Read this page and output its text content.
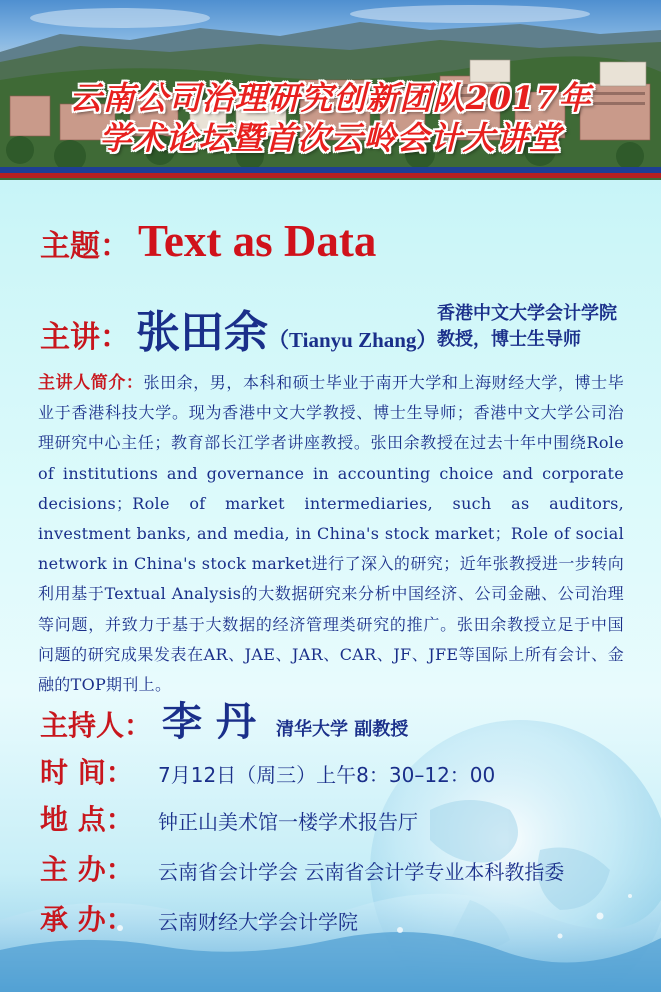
云南公司治理研究创新团队2017年
学术论坛暨首次云岭会计大讲堂
主题： Text as Data
主讲： 张田余（Tianyu Zhang）
香港中文大学会计学院
教授，博士生导师
主讲人简介：张田余，男，本科和硕士毕业于南开大学和上海财经大学，博士毕业于香港科技大学。现为香港中文大学教授、博士生导师；香港中文大学公司治理研究中心主任；教育部长江学者讲座教授。张田余教授在过去十年中围绕Role of institutions and governance in accounting choice and corporate decisions；Role of market intermediaries, such as auditors, investment banks, and media, in China's stock market；Role of social network in China's stock market进行了深入的研究；近年张教授进一步转向利用基于Textual Analysis的大数据研究来分析中国经济、公司金融、公司治理等问题，并致力于基于大数据的经济管理类研究的推广。张田余教授立足于中国问题的研究成果发表在AR、JAE、JAR、CAR、JF、JFE等国际上所有会计、金融的TOP期刊上。
主持人： 李丹 清华大学 副教授
时 间： 7月12日（周三）上午8：30–12：00
地 点： 钟正山美术馆一楼学术报告厅
主 办： 云南省会计学会 云南省会计学专业本科教指委
承 办： 云南财经大学会计学院
